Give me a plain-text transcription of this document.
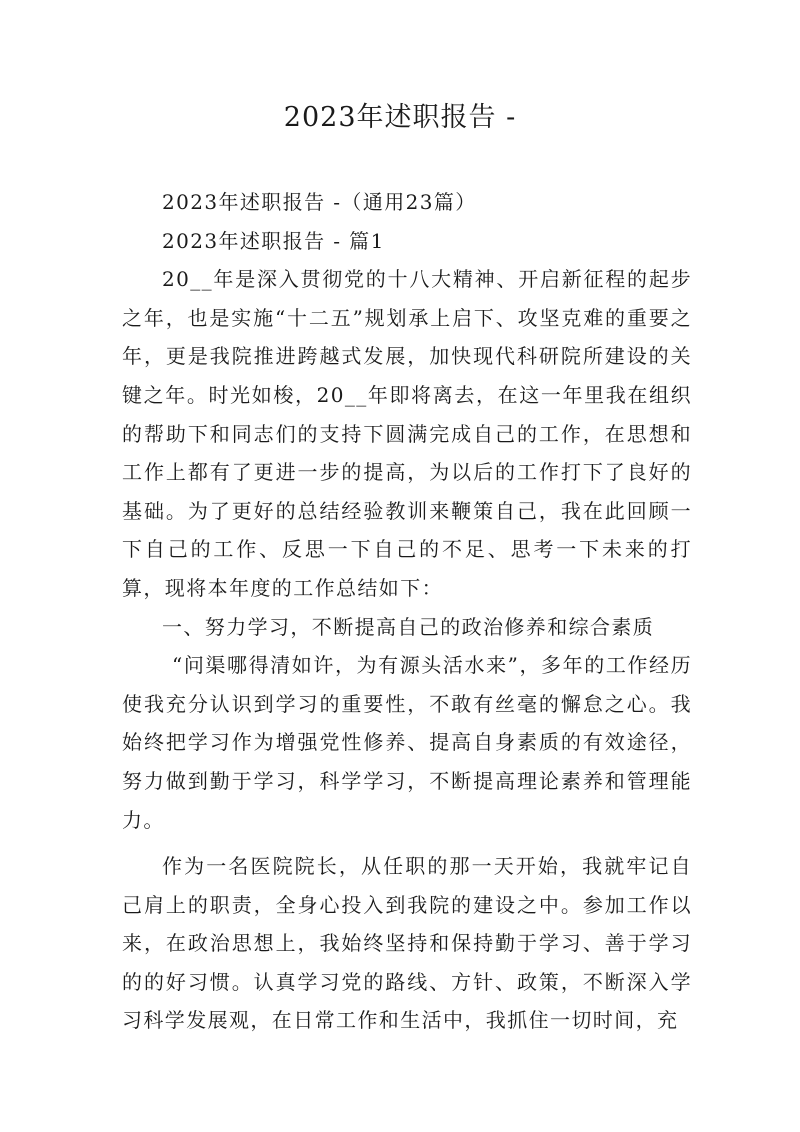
2023年述职报告 -

2023年述职报告 -（通用23篇）

2023年述职报告 - 篇1

20__年是深入贯彻党的十八大精神、开启新征程的起步之年，也是实施“十二五”规划承上启下、攻坚克难的重要之年，更是我院推进跨越式发展，加快现代科研院所建设的关键之年。时光如梭，20__年即将离去，在这一年里我在组织的帮助下和同志们的支持下圆满完成自己的工作，在思想和工作上都有了更进一步的提高，为以后的工作打下了良好的基础。为了更好的总结经验教训来鞭策自己，我在此回顾一下自己的工作、反思一下自己的不足、思考一下未来的打算，现将本年度的工作总结如下：

一、努力学习，不断提高自己的政治修养和综合素质

“问渠哪得清如许，为有源头活水来”，多年的工作经历使我充分认识到学习的重要性，不敢有丝毫的懈怠之心。我始终把学习作为增强党性修养、提高自身素质的有效途径，努力做到勤于学习，科学学习，不断提高理论素养和管理能力。

作为一名医院院长，从任职的那一天开始，我就牢记自己肩上的职责，全身心投入到我院的建设之中。参加工作以来，在政治思想上，我始终坚持和保持勤于学习、善于学习的的好习惯。认真学习党的路线、方针、政策，不断深入学习科学发展观，在日常工作和生活中，我抓住一切时间，充
